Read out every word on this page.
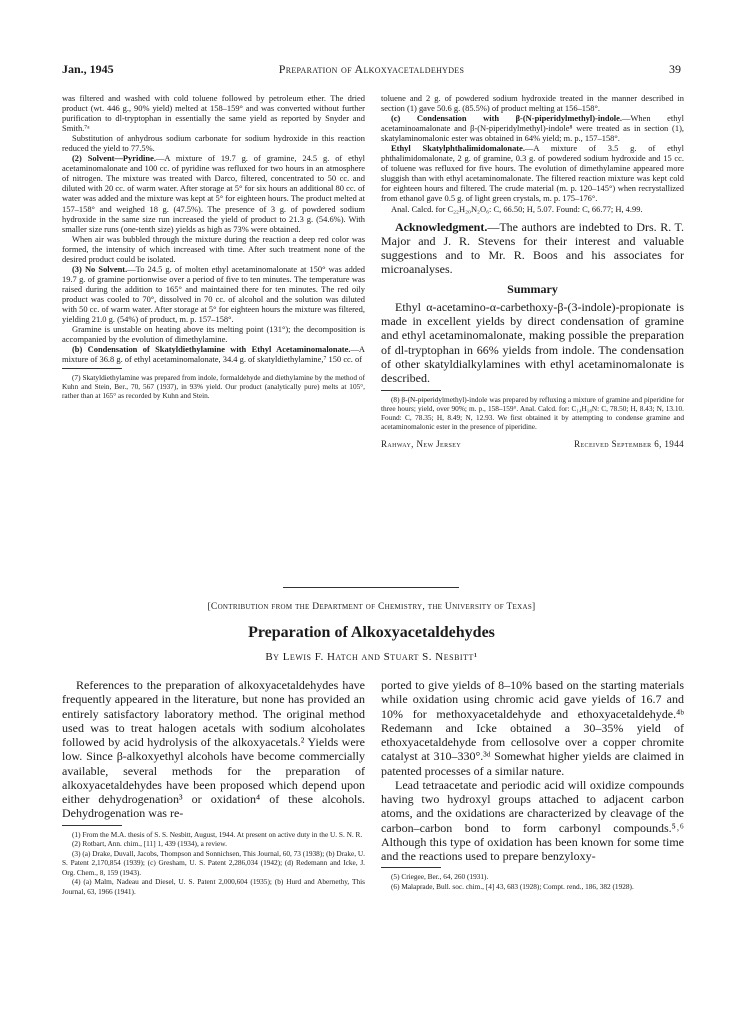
Jan., 1945	Preparation of Alkoxyacetaldehydes	39

was filtered and washed with cold toluene followed by petroleum ether. The dried product (wt. 446 g., 90% yield) melted at 158–159° and was converted without further purification to dl-tryptophan in essentially the same yield as reported by Snyder and Smith.⁷ᵃ

Substitution of anhydrous sodium carbonate for sodium hydroxide in this reaction reduced the yield to 77.5%.

(2) Solvent—Pyridine.—A mixture of 19.7 g. of gramine, 24.5 g. of ethyl acetaminomalonate and 100 cc. of pyridine was refluxed for two hours in an atmosphere of nitrogen. The mixture was treated with Darco, filtered, concentrated to 50 cc. and diluted with 20 cc. of warm water. After storage at 5° for six hours an additional 80 cc. of water was added and the mixture was kept at 5° for eighteen hours. The product melted at 157–158° and weighed 18 g. (47.5%). The presence of 3 g. of powdered sodium hydroxide in the same size run increased the yield of product to 21.3 g. (54.6%). With smaller size runs (one-tenth size) yields as high as 73% were obtained.

When air was bubbled through the mixture during the reaction a deep red color was formed, the intensity of which increased with time. After such treatment none of the desired product could be isolated.

(3) No Solvent.—To 24.5 g. of molten ethyl acetaminomalonate at 150° was added 19.7 g. of gramine portionwise over a period of five to ten minutes. The temperature was raised during the addition to 165° and maintained there for ten minutes. The red oily product was cooled to 70°, dissolved in 70 cc. of alcohol and the solution was diluted with 50 cc. of warm water. After storage at 5° for eighteen hours the mixture was filtered, yielding 21.0 g. (54%) of product, m. p. 157–158°.

Gramine is unstable on heating above its melting point (131°); the decomposition is accompanied by the evolution of dimethylamine.

(b) Condensation of Skatyldiethylamine with Ethyl Acetaminomalonate.—A mixture of 36.8 g. of ethyl acetaminomalonate, 34.4 g. of skatyldiethylamine,⁷ 150 cc. of

(7) Skatyldiethylamine was prepared from indole, formaldehyde and diethylamine by the method of Kuhn and Stein, Ber., 70, 567 (1937), in 93% yield. Our product (analytically pure) melts at 105°, rather than at 165° as recorded by Kuhn and Stein.

toluene and 2 g. of powdered sodium hydroxide treated in the manner described in section (1) gave 50.6 g. (85.5%) of product melting at 156–158°.

(c) Condensation with β-(N-piperidylmethyl)-indole.—When ethyl acetaminoamalonate and β-(N-piperidylmethyl)-indole⁸ were treated as in section (1), skatylaminomalonic ester was obtained in 64% yield; m. p., 157–158°.

Ethyl Skatylphthalimidomalonate.—A mixture of 3.5 g. of ethyl phthalimidomalonate, 2 g. of gramine, 0.3 g. of powdered sodium hydroxide and 15 cc. of toluene was refluxed for five hours. The evolution of dimethylamine appeared more sluggish than with ethyl acetaminomalonate. The filtered reaction mixture was kept cold for eighteen hours and filtered. The crude material (m. p. 120–145°) when recrystallized from ethanol gave 0.5 g. of light green crystals, m. p. 175–176°.

Anal. Calcd. for C₂₂H₂₀N₂O₆: C, 66.50; H, 5.07. Found: C, 66.77; H, 4.99.

Acknowledgment.—The authors are indebted to Drs. R. T. Major and J. R. Stevens for their interest and valuable suggestions and to Mr. R. Boos and his associates for microanalyses.

Summary

Ethyl α-acetamino-α-carbethoxy-β-(3-indole)-propionate is made in excellent yields by direct condensation of gramine and ethyl acetaminomalonate, making possible the preparation of dl-tryptophan in 66% yields from indole. The condensation of other skatyldialkylamines with ethyl acetaminomalonate is described.

(8) β-(N-piperidylmethyl)-indole was prepared by refluxing a mixture of gramine and piperidine for three hours; yield, over 90%; m. p., 158–159°. Anal. Calcd. for: C₁₄H₁₈N: C, 78.50; H, 8.43; N, 13.10. Found: C, 78.35; H, 8.49; N, 12.93. We first obtained it by attempting to condense gramine and acetaminomalonic ester in the presence of piperidine.

Rahway, New Jersey	Received September 6, 1944
[Contribution from the Department of Chemistry, the University of Texas]
Preparation of Alkoxyacetaldehydes
By Lewis F. Hatch and Stuart S. Nesbitt¹

References to the preparation of alkoxyacetaldehydes have frequently appeared in the literature, but none has provided an entirely satisfactory laboratory method. The original method used was to treat halogen acetals with sodium alcoholates followed by acid hydrolysis of the alkoxyacetals.² Yields were low. Since β-alkoxyethyl alcohols have become commercially available, several methods for the preparation of alkoxyacetaldehydes have been proposed which depend upon either dehydrogenation³ or oxidation⁴ of these alcohols. Dehydrogenation was re-

(1) From the M.A. thesis of S. S. Nesbitt, August, 1944. At present on active duty in the U. S. N. R.

(2) Rotbart, Ann. chim., [11] 1, 439 (1934), a review.

(3) (a) Drake, Duvall, Jacobs, Thompson and Sonnichsen, This Journal, 60, 73 (1938); (b) Drake, U. S. Patent 2,170,854 (1939); (c) Gresham, U. S. Patent 2,286,034 (1942); (d) Redemann and Icke, J. Org. Chem., 8, 159 (1943).

(4) (a) Malm, Nadeau and Diesel, U. S. Patent 2,000,604 (1935); (b) Hurd and Abernethy, This Journal, 63, 1966 (1941).

ported to give yields of 8–10% based on the starting materials while oxidation using chromic acid gave yields of 16.7 and 10% for methoxyacetaldehyde and ethoxyacetaldehyde.⁴ᵇ Redemann and Icke obtained a 30–35% yield of ethoxyacetaldehyde from cellosolve over a copper chromite catalyst at 310–330°.³ᵈ Somewhat higher yields are claimed in patented processes of a similar nature.

Lead tetraacetate and periodic acid will oxidize compounds having two hydroxyl groups attached to adjacent carbon atoms, and the oxidations are characterized by cleavage of the carbon–carbon bond to form carbonyl compounds.⁵˒⁶ Although this type of oxidation has been known for some time and the reactions used to prepare benzyloxy-

(5) Criegee, Ber., 64, 260 (1931).

(6) Malaprade, Bull. soc. chim., [4] 43, 683 (1928); Compt. rend., 186, 382 (1928).
